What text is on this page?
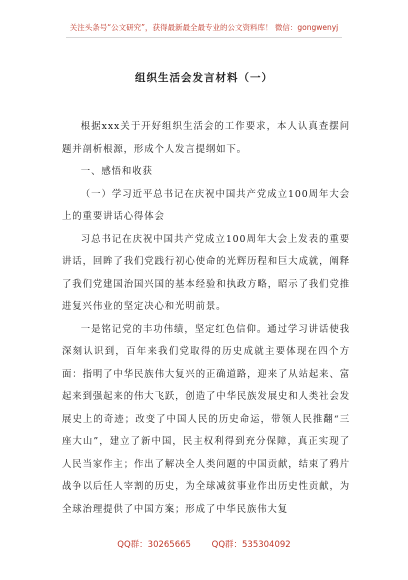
关注头条号“公文研究”，获得最新最全最专业的公文资料库！ 微信：gongwenyj
组织生活会发言材料（一）

根据xxx关于开好组织生活会的工作要求，本人认真查摆问题并剖析根源，形成个人发言提纲如下。

一、感悟和收获

（一）学习近平总书记在庆祝中国共产党成立100周年大会上的重要讲话心得体会

习总书记在庆祝中国共产党成立100周年大会上发表的重要讲话，回眸了我们党践行初心使命的光辉历程和巨大成就，阐释了我们党建国治国兴国的基本经验和执政方略，昭示了我们党推进复兴伟业的坚定决心和光明前景。

一是铭记党的丰功伟绩，坚定红色信仰。通过学习讲话使我深刻认识到，百年来我们党取得的历史成就主要体现在四个方面：指明了中华民族伟大复兴的正确道路，迎来了从站起来、富起来到强起来的伟大飞跃，创造了中华民族发展史和人类社会发展史上的奇迹；改变了中国人民的历史命运，带领人民推翻“三座大山”，建立了新中国，民主权利得到充分保障，真正实现了人民当家作主；作出了解决全人类问题的中国贡献，结束了鸦片战争以后任人宰割的历史，为全球减贫事业作出历史性贡献，为全球治理提供了中国方案；形成了中华民族伟大复

QQ群：30265665 QQ群：535304092
